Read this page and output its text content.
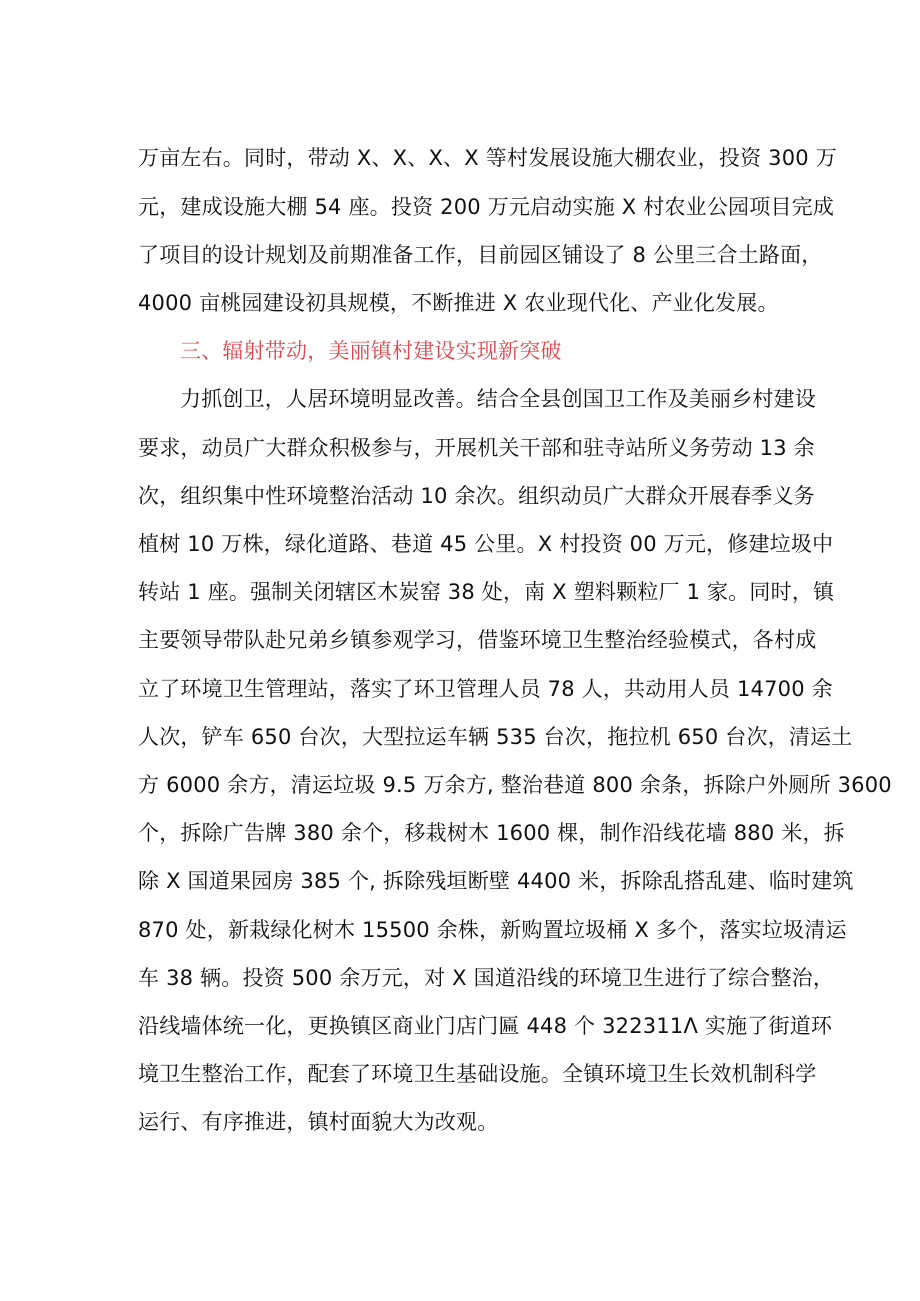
万亩左右。同时，带动 X、X、X、X 等村发展设施大棚农业，投资 300 万
元，建成设施大棚 54 座。投资 200 万元启动实施 X 村农业公园项目完成
了项目的设计规划及前期准备工作，目前园区铺设了 8 公里三合土路面，
4000 亩桃园建设初具规模，不断推进 X 农业现代化、产业化发展。
三、辐射带动，美丽镇村建设实现新突破
力抓创卫，人居环境明显改善。结合全县创国卫工作及美丽乡村建设
要求，动员广大群众积极参与，开展机关干部和驻寺站所义务劳动 13 余
次，组织集中性环境整治活动 10 余次。组织动员广大群众开展春季义务
植树 10 万株，绿化道路、巷道 45 公里。X 村投资 00 万元，修建垃圾中
转站 1 座。强制关闭辖区木炭窑 38 处，南 X 塑料颗粒厂 1 家。同时，镇
主要领导带队赴兄弟乡镇参观学习，借鉴环境卫生整治经验模式，各村成
立了环境卫生管理站，落实了环卫管理人员 78 人，共动用人员 14700 余
人次，铲车 650 台次，大型拉运车辆 535 台次，拖拉机 650 台次，清运土
方 6000 余方，清运垃圾 9.5 万余方, 整治巷道 800 余条，拆除户外厕所 3600
个，拆除广告牌 380 余个，移栽树木 1600 棵，制作沿线花墙 880 米，拆
除 X 国道果园房 385 个, 拆除残垣断壁 4400 米，拆除乱搭乱建、临时建筑
870 处，新栽绿化树木 15500 余株，新购置垃圾桶 X 多个，落实垃圾清运
车 38 辆。投资 500 余万元，对 X 国道沿线的环境卫生进行了综合整治，
沿线墙体统一化，更换镇区商业门店门匾 448 个 322311Λ 实施了街道环
境卫生整治工作，配套了环境卫生基础设施。全镇环境卫生长效机制科学
运行、有序推进，镇村面貌大为改观。
